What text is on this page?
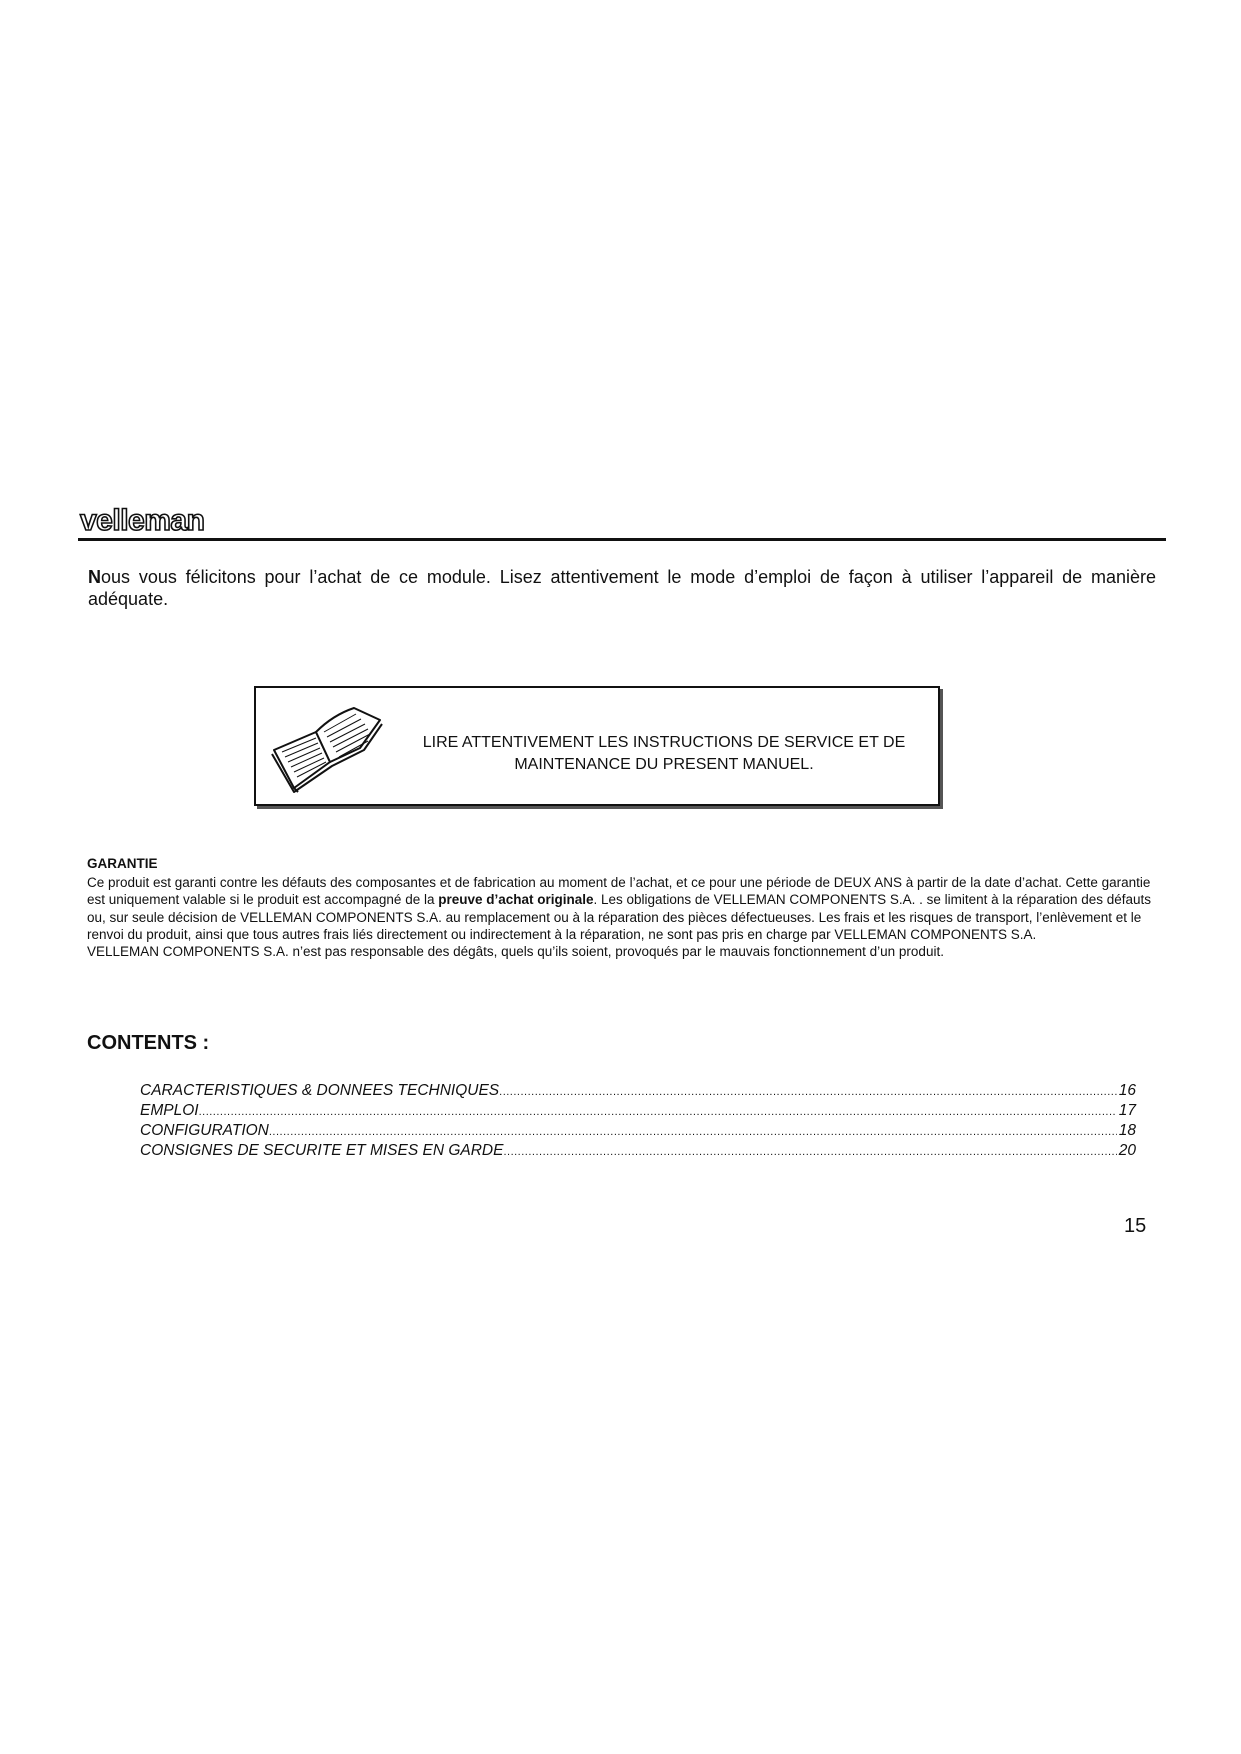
velleman
Nous vous félicitons pour l’achat de ce module. Lisez attentivement le mode d’emploi de façon à utiliser l’appareil de manière adéquate.
LIRE ATTENTIVEMENT LES INSTRUCTIONS DE SERVICE ET DE
MAINTENANCE DU PRESENT MANUEL.
GARANTIE
Ce produit est garanti contre les défauts des composantes et de fabrication au moment de l’achat, et ce pour une période de DEUX ANS à partir de la date d’achat. Cette garantie est uniquement valable si le produit est accompagné de la preuve d’achat originale. Les obligations de VELLEMAN COMPONENTS S.A. . se limitent à la réparation des défauts ou, sur seule décision de VELLEMAN COMPONENTS S.A. au remplacement ou à la réparation des pièces défectueuses. Les frais et les risques de transport, l’enlèvement et le renvoi du produit, ainsi que tous autres frais liés directement ou indirectement à la réparation, ne sont pas pris en charge par VELLEMAN COMPONENTS S.A.
VELLEMAN COMPONENTS S.A. n’est pas responsable des dégâts, quels qu’ils soient, provoqués par le mauvais fonctionnement d’un produit.
CONTENTS :
CARACTERISTIQUES & DONNEES TECHNIQUES .....	16
EMPLOI .....	17
CONFIGURATION .....	18
CONSIGNES DE SECURITE ET MISES EN GARDE .....	20
15
